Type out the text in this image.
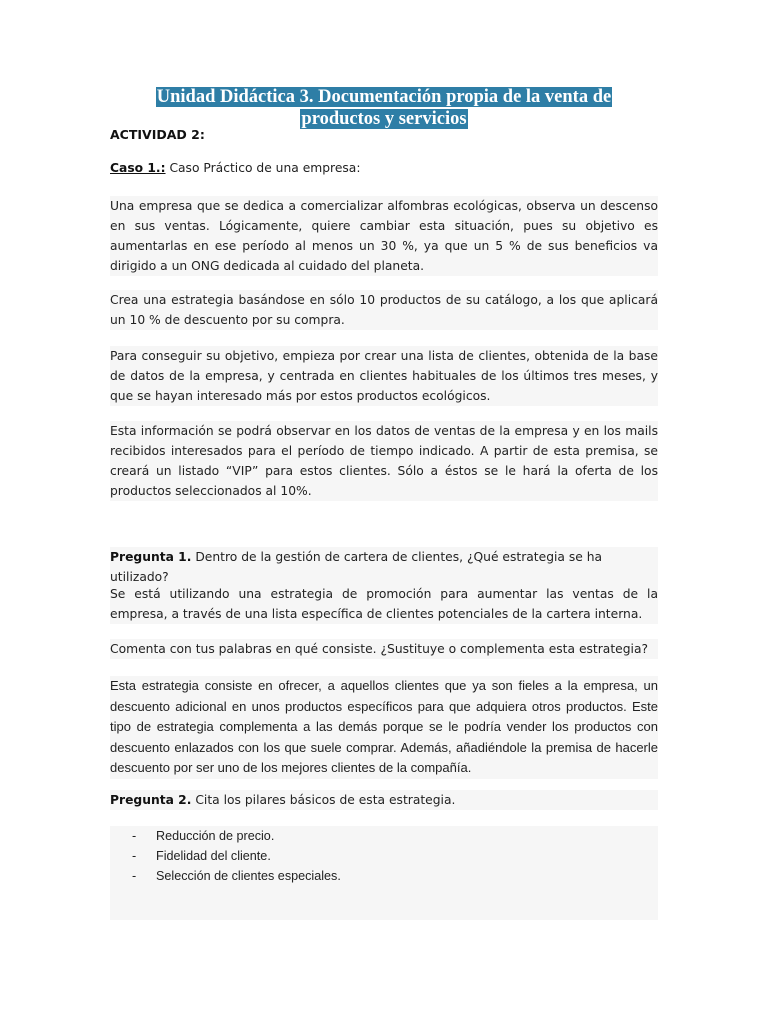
Unidad Didáctica 3. Documentación propia de la venta de
productos y servicios
ACTIVIDAD 2:
Caso 1.: Caso Práctico de una empresa:
Una empresa que se dedica a comercializar alfombras ecológicas, observa un descenso en sus ventas. Lógicamente, quiere cambiar esta situación, pues su objetivo es aumentarlas en ese período al menos un 30 %, ya que un 5 % de sus beneficios va dirigido a un ONG dedicada al cuidado del planeta.
Crea una estrategia basándose en sólo 10 productos de su catálogo, a los que aplicará un 10 % de descuento por su compra.
Para conseguir su objetivo, empieza por crear una lista de clientes, obtenida de la base de datos de la empresa, y centrada en clientes habituales de los últimos tres meses, y que se hayan interesado más por estos productos ecológicos.
Esta información se podrá observar en los datos de ventas de la empresa y en los mails recibidos interesados para el período de tiempo indicado. A partir de esta premisa, se creará un listado “VIP” para estos clientes. Sólo a éstos se le hará la oferta de los productos seleccionados al 10%.
Pregunta 1. Dentro de la gestión de cartera de clientes, ¿Qué estrategia se ha utilizado?
Se está utilizando una estrategia de promoción para aumentar las ventas de la empresa, a través de una lista específica de clientes potenciales de la cartera interna.
Comenta con tus palabras en qué consiste. ¿Sustituye o complementa esta estrategia?
Esta estrategia consiste en ofrecer, a aquellos clientes que ya son fieles a la empresa, un descuento adicional en unos productos específicos para que adquiera otros productos. Este tipo de estrategia complementa a las demás porque se le podría vender los productos con descuento enlazados con los que suele comprar. Además, añadiéndole la premisa de hacerle descuento por ser uno de los mejores clientes de la compañía.
Pregunta 2. Cita los pilares básicos de esta estrategia.
- Reducción de precio.
- Fidelidad del cliente.
- Selección de clientes especiales.
